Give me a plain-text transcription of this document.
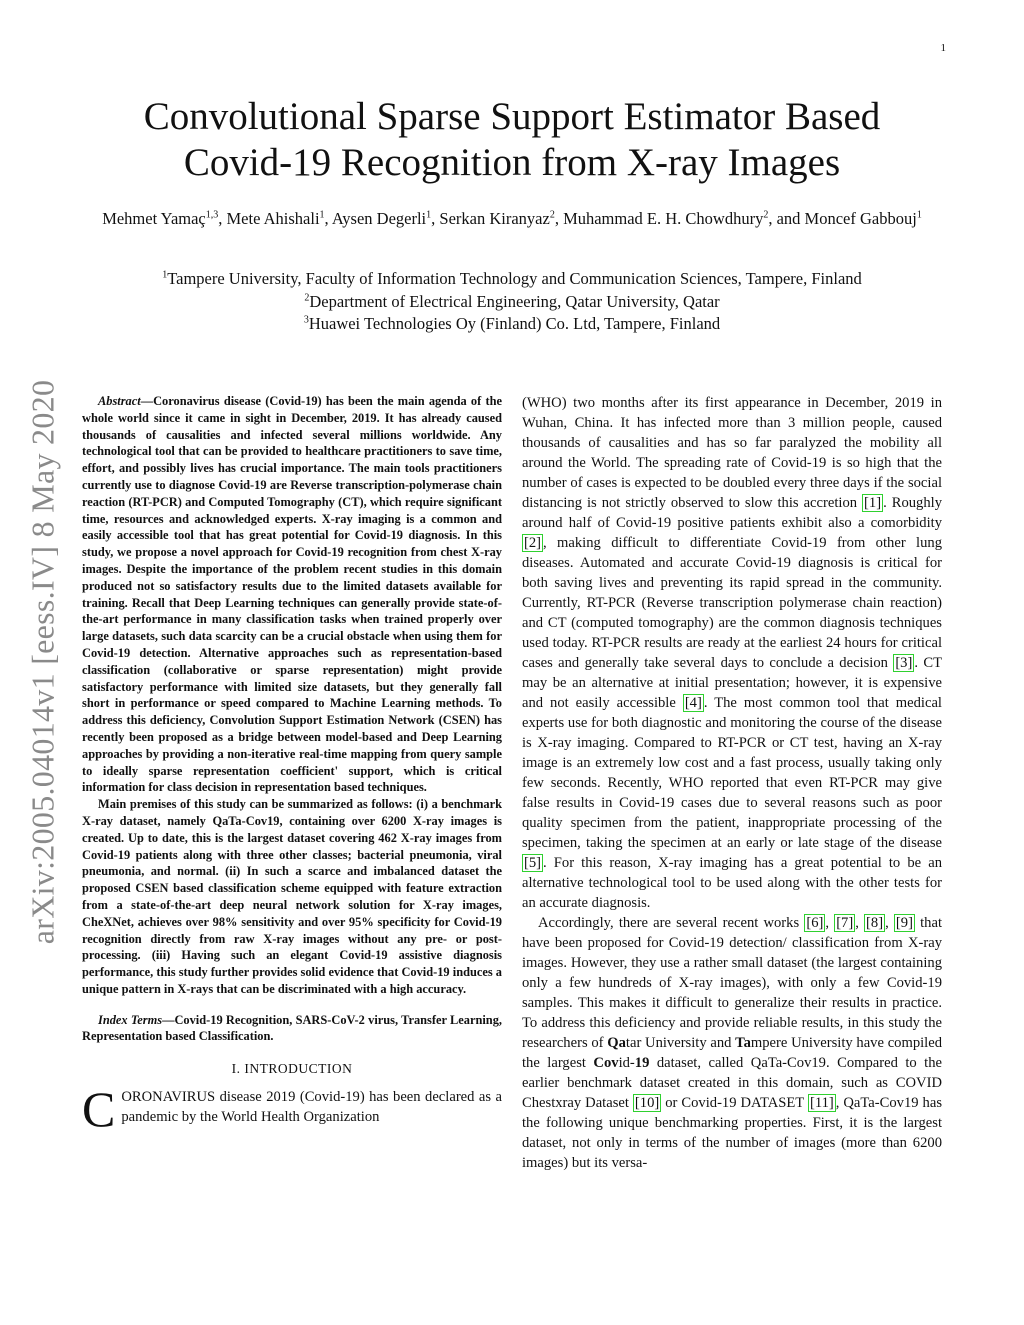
1
arXiv:2005.04014v1 [eess.IV] 8 May 2020
Convolutional Sparse Support Estimator Based
Covid-19 Recognition from X-ray Images
Mehmet Yamaç$^{1,3}$, Mete Ahishali$^1$, Aysen Degerli$^1$, Serkan Kiranyaz$^2$, Muhammad E. H. Chowdhury$^2$, and Moncef Gabbouj$^1$
$^1$Tampere University, Faculty of Information Technology and Communication Sciences, Tampere, Finland
$^2$Department of Electrical Engineering, Qatar University, Qatar
$^3$Huawei Technologies Oy (Finland) Co. Ltd, Tampere, Finland

Abstract—Coronavirus disease (Covid-19) has been the main agenda of the whole world since it came in sight in December, 2019. It has already caused thousands of causalities and infected several millions worldwide. Any technological tool that can be provided to healthcare practitioners to save time, effort, and possibly lives has crucial importance. The main tools practitioners currently use to diagnose Covid-19 are Reverse transcription-polymerase chain reaction (RT-PCR) and Computed Tomography (CT), which require significant time, resources and acknowledged experts. X-ray imaging is a common and easily accessible tool that has great potential for Covid-19 diagnosis. In this study, we propose a novel approach for Covid-19 recognition from chest X-ray images. Despite the importance of the problem recent studies in this domain produced not so satisfactory results due to the limited datasets available for training. Recall that Deep Learning techniques can generally provide state-of-the-art performance in many classification tasks when trained properly over large datasets, such data scarcity can be a crucial obstacle when using them for Covid-19 detection. Alternative approaches such as representation-based classification (collaborative or sparse representation) might provide satisfactory performance with limited size datasets, but they generally fall short in performance or speed compared to Machine Learning methods. To address this deficiency, Convolution Support Estimation Network (CSEN) has recently been proposed as a bridge between model-based and Deep Learning approaches by providing a non-iterative real-time mapping from query sample to ideally sparse representation coefficient' support, which is critical information for class decision in representation based techniques.

Main premises of this study can be summarized as follows: (i) a benchmark X-ray dataset, namely QaTa-Cov19, containing over 6200 X-ray images is created. Up to date, this is the largest dataset covering 462 X-ray images from Covid-19 patients along with three other classes; bacterial pneumonia, viral pneumonia, and normal. (ii) In such a scarce and imbalanced dataset the proposed CSEN based classification scheme equipped with feature extraction from a state-of-the-art deep neural network solution for X-ray images, CheXNet, achieves over 98% sensitivity and over 95% specificity for Covid-19 recognition directly from raw X-ray images without any pre- or post-processing. (iii) Having such an elegant Covid-19 assistive diagnosis performance, this study further provides solid evidence that Covid-19 induces a unique pattern in X-rays that can be discriminated with a high accuracy.

Index Terms—Covid-19 Recognition, SARS-CoV-2 virus, Transfer Learning, Representation based Classification.

I. INTRODUCTION

CORONAVIRUS disease 2019 (Covid-19) has been declared as a pandemic by the World Health Organization

(WHO) two months after its first appearance in December, 2019 in Wuhan, China. It has infected more than 3 million people, caused thousands of causalities and has so far paralyzed the mobility all around the World. The spreading rate of Covid-19 is so high that the number of cases is expected to be doubled every three days if the social distancing is not strictly observed to slow this accretion [1] . Roughly around half of Covid-19 positive patients exhibit also a comorbidity [2] , making difficult to differentiate Covid-19 from other lung diseases. Automated and accurate Covid-19 diagnosis is critical for both saving lives and preventing its rapid spread in the community. Currently, RT-PCR (Reverse transcription polymerase chain reaction) and CT (computed tomography) are the common diagnosis techniques used today. RT-PCR results are ready at the earliest 24 hours for critical cases and generally take several days to conclude a decision [3] . CT may be an alternative at initial presentation; however, it is expensive and not easily accessible [4] . The most common tool that medical experts use for both diagnostic and monitoring the course of the disease is X-ray imaging. Compared to RT-PCR or CT test, having an X-ray image is an extremely low cost and a fast process, usually taking only few seconds. Recently, WHO reported that even RT-PCR may give false results in Covid-19 cases due to several reasons such as poor quality specimen from the patient, inappropriate processing of the specimen, taking the specimen at an early or late stage of the disease [5] . For this reason, X-ray imaging has a great potential to be an alternative technological tool to be used along with the other tests for an accurate diagnosis.

Accordingly, there are several recent works [6] , [7] , [8] , [9] that have been proposed for Covid-19 detection/ classification from X-ray images. However, they use a rather small dataset (the largest containing only a few hundreds of X-ray images), with only a few Covid-19 samples. This makes it difficult to generalize their results in practice. To address this deficiency and provide reliable results, in this study the researchers of Qatar University and Tampere University have compiled the largest Covid-19 dataset, called QaTa-Cov19. Compared to the earlier benchmark dataset created in this domain, such as COVID Chestxray Dataset [10] or Covid-19 DATASET [11] , QaTa-Cov19 has the following unique benchmarking properties. First, it is the largest dataset, not only in terms of the number of images (more than 6200 images) but its versa-
